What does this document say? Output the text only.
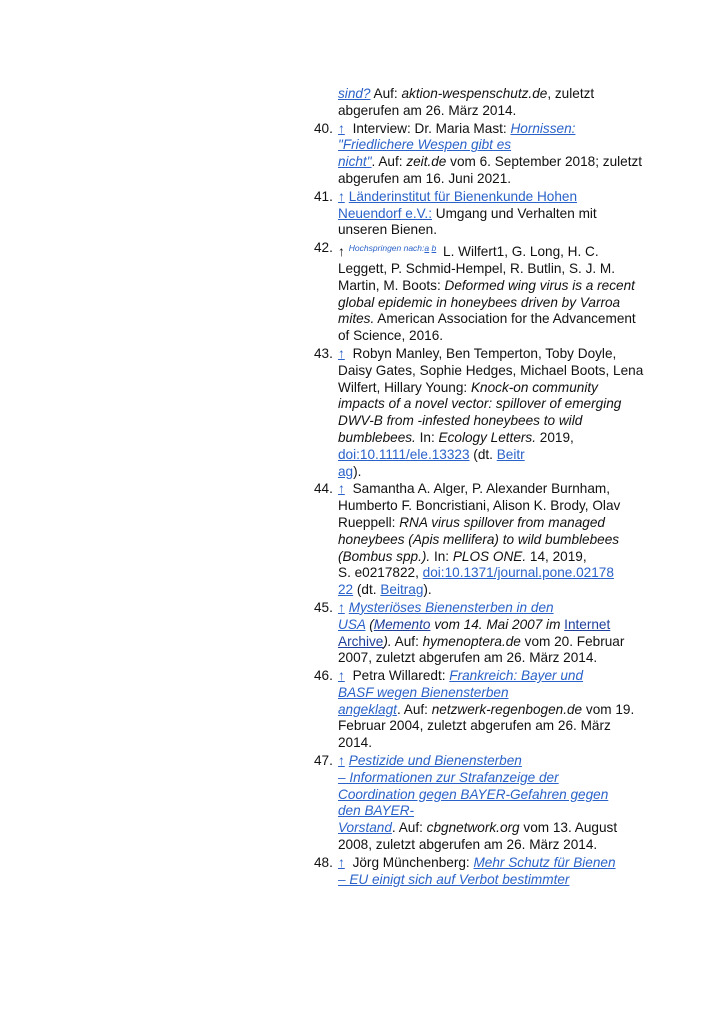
sind? Auf: aktion-wespenschutz.de, zuletzt abgerufen am 26. März 2014.
40. ↑ Interview: Dr. Maria Mast: Hornissen:
"Friedlichere Wespen gibt es
nicht". Auf: zeit.de vom 6. September 2018; zuletzt abgerufen am 16. Juni 2021.
41. ↑ Länderinstitut für Bienenkunde Hohen
Neuendorf e.V.: Umgang und Verhalten mit unseren Bienen.
42. ↑ $^{Hochspringen nach:a b}$ L. Wilfert1, G. Long, H. C. Leggett, P. Schmid-Hempel, R. Butlin, S. J. M. Martin, M. Boots: Deformed wing virus is a recent global epidemic in honeybees driven by Varroa mites. American Association for the Advancement of Science, 2016.
43. ↑ Robyn Manley, Ben Temperton, Toby Doyle, Daisy Gates, Sophie Hedges, Michael Boots, Lena Wilfert, Hillary Young: Knock-on community impacts of a novel vector: spillover of emerging DWV-B from -infested honeybees to wild bumblebees. In: Ecology Letters. 2019, doi:10.1111/ele.13323 (dt. Beitr
ag).
44. ↑ Samantha A. Alger, P. Alexander Burnham, Humberto F. Boncristiani, Alison K. Brody, Olav Rueppell: RNA virus spillover from managed honeybees (Apis mellifera) to wild bumblebees (Bombus spp.). In: PLOS ONE. 14, 2019,
S. e0217822, doi:10.1371/journal.pone.02178
22 (dt. Beitrag).
45. ↑ Mysteriöses Bienensterben in den
USA (Memento vom 14. Mai 2007 im Internet
Archive). Auf: hymenoptera.de vom 20. Februar 2007, zuletzt abgerufen am 26. März 2014.
46. ↑ Petra Willaredt: Frankreich: Bayer und
BASF wegen Bienensterben
angeklagt. Auf: netzwerk-regenbogen.de vom 19. Februar 2004, zuletzt abgerufen am 26. März 2014.
47. ↑ Pestizide und Bienensterben
– Informationen zur Strafanzeige der
Coordination gegen BAYER-Gefahren gegen
den BAYER-
Vorstand. Auf: cbgnetwork.org vom 13. August 2008, zuletzt abgerufen am 26. März 2014.
48. ↑ Jörg Münchenberg: Mehr Schutz für Bienen
– EU einigt sich auf Verbot bestimmter
